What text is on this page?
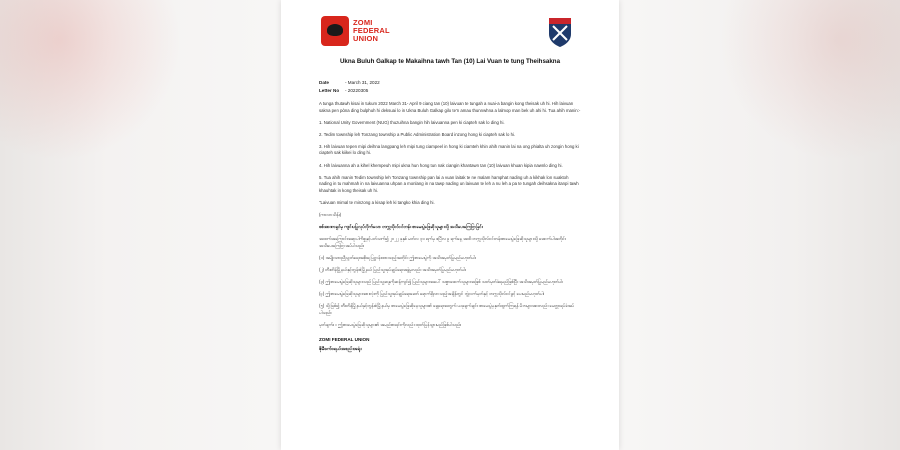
ZOMI
FEDERAL
UNION
Ukna Buluh Galkap te Makaihna tawh Tan (10) Lai Vuan te tung Theihsakna
Date	- March 31, 2022
Letter No - 20220305

A tunga thutawh kisai in tukum 2022 March 31- April 9 ciang tan (10) laivuan te tungah a nuai-a bangin kong theisak uh hi. Hih laivuan sakna pen pάna ding bulphuh hi deksuai lo in Ukna Buluh Galkap gilo te'n amau thunnwhna a lalmop man bek uh ahi hi. Tua ahih manin:-

1. National Unity Government (NUG) thuzuihna bangin hih laivuanna pen ki ciapteh sak lo ding hi.

2. Tedim township leh Tonzang township a Public Administration Board inzong hong ki ciapteh sak lo hi.

3. Hih laivuan tepen mipi deihna langpang leh mipi tung ciampeel in hong ki ciamteh khin ahih manin lai na ong phialta uh zongin hong ki ciapteh sak kiikei lo ding hi.

4. Hih laivuanna ah a kihel khempeuh mipi ukna hun hong tun nak ciangin khantawn tan (10) laivuan khuan kipia nawnlo ding hi.

5. Tua ahih manin Tedim township leh Tonzang township pan lai a vuan laitak te ne malam hamphat nading uh a kikhak lon suaktoh nading in tu mahmah in na laivuanna uhpan a monlang in na tawp nading un laivuan te leh a nu leh a pa te tungah deihsakna itanpi tawh khauhtak in kong theisak uh hi.

"Laivuan mimal te minzong a kisap leh ki tangko khia ding hi.

(ကာလာသိန်း)

စစ်အာဏာရှင်မှ ကျင်းပပြုလုပ်လိုက်သော တက္ကသိုလ်ဝင်တန်း စာမေးပွဲဖြေဆိုသူများသို့ အသိပေးကြေငြာခြင်း

အထက်အကြောင်းအရာပါကိစ္စနှင့်ပတ်သက်၍ ၂၀၂၂ ခုနှစ် မတ်လ ၃၁ ရက်မှ ဧပြီလ ၉ ရက်နေ့ အထိ တက္ကသိုလ်ဝင်တန်းစာမေးပွဲဖြေဆိုသူများသို့ အောက်ပါအတိုင်း အသိပေးကြေငြာအပ်ပါသည်။

(၁) အမျိုးသားညီညွတ်ရေးအစိုးရ ပြဋ္ဌာန်းထားသည့်အတိုင်း ဤစာမေးပွဲကို အသိအမှတ်ပြုမည်မဟုတ်ပါ။

(၂) တီးတိန်မြို့နယ်နှင့်တွန်းဇံမြို့နယ် ပြည်သူ့အုပ်ချုပ်ရေးအဖွဲ့မှလည်း အသိအမှတ်ပြုမည်မဟုတ်ပါ။

(၃) ဤစာမေးပွဲဖြေဆိုသူများသည် ပြည်သူ့ဆန္ဒကိုဆန့်ကျင်၍ ပြည်သူများအပေါ် သစ္စာဖောက်သူများအဖြစ် သတ်မှတ်ခံရမည်ဖြစ်ပြီး အသိအမှတ်ပြုမည်မဟုတ်ပါ။

(၄) ဤစာမေးပွဲဖြေဆိုသူများအားလုံးကို ပြည်သူ့အုပ်ချုပ်ရေးခေတ် ရောက်ရှိလာသည့်အချိန်တွင် ဘွဲ့လက်မှတ်နှင့် တက္ကသိုလ်ဝင်ခွင့် ပေးမည်မဟုတ်ပါ။

(၅) သို့ဖြစ်၍ တီးတိန်မြို့နယ်နှင့်တွန်းဇံမြို့နယ်မှ စာမေးပွဲဖြေဆိုနေသူများ၏ ရှေ့ရေးအတွက် ယခုချက်ချင်း စာမေးပွဲမှနုတ်ထွက်ကြရန် မိဘများအားလည်း မေတ္တာရပ်ခံအပ်ပါသည်။

မှတ်ချက်။ ။ ဤစာမေးပွဲဖြေဆိုသူများ၏ အမည်စာရင်းကိုလည်း ထုတ်ပြန်သွားမည်ဖြစ်ပါသည်။

ZOMI FEDERAL UNION
ဇိုမီဖက်ဒရယ်အစည်းအရုံး
